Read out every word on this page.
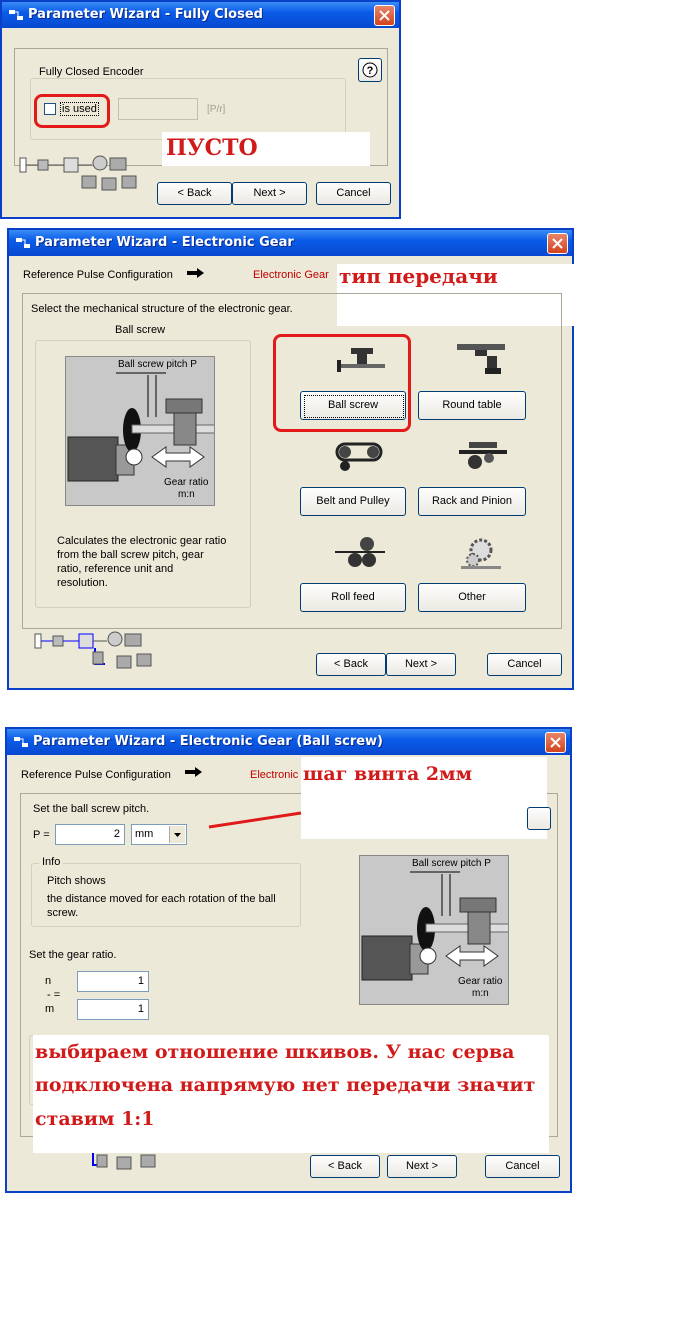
Parameter Wizard - Fully Closed
Fully Closed Encoder	?
is used	[P/r]
ПУСТО
< Back	Next >	Cancel
Parameter Wizard - Electronic Gear
Reference Pulse Configuration	Electronic Gear тип передачи
Select the mechanical structure of the electronic gear.
Ball screw
Ball screw pitch P
Gear ratio
m:n
Calculates the electronic gear ratio
from the ball screw pitch, gear
ratio, reference unit and
resolution.
Ball screw	Round table
Belt and Pulley	Rack and Pinion
Roll feed	Other
< Back	Next >	Cancel
Parameter Wizard - Electronic Gear (Ball screw)
Reference Pulse Configuration	Electronic шаг винта 2мм
Set the ball screw pitch.
P =	2	mm
Info
Pitch shows
the distance moved for each rotation of the ball
screw.
Set the gear ratio.
n
- =
m
1
1
Ball screw pitch P
Gear ratio
m:n
выбираем отношение шкивов. У нас серва
подключена напрямую нет передачи значит
ставим 1:1
< Back	Next >	Cancel
